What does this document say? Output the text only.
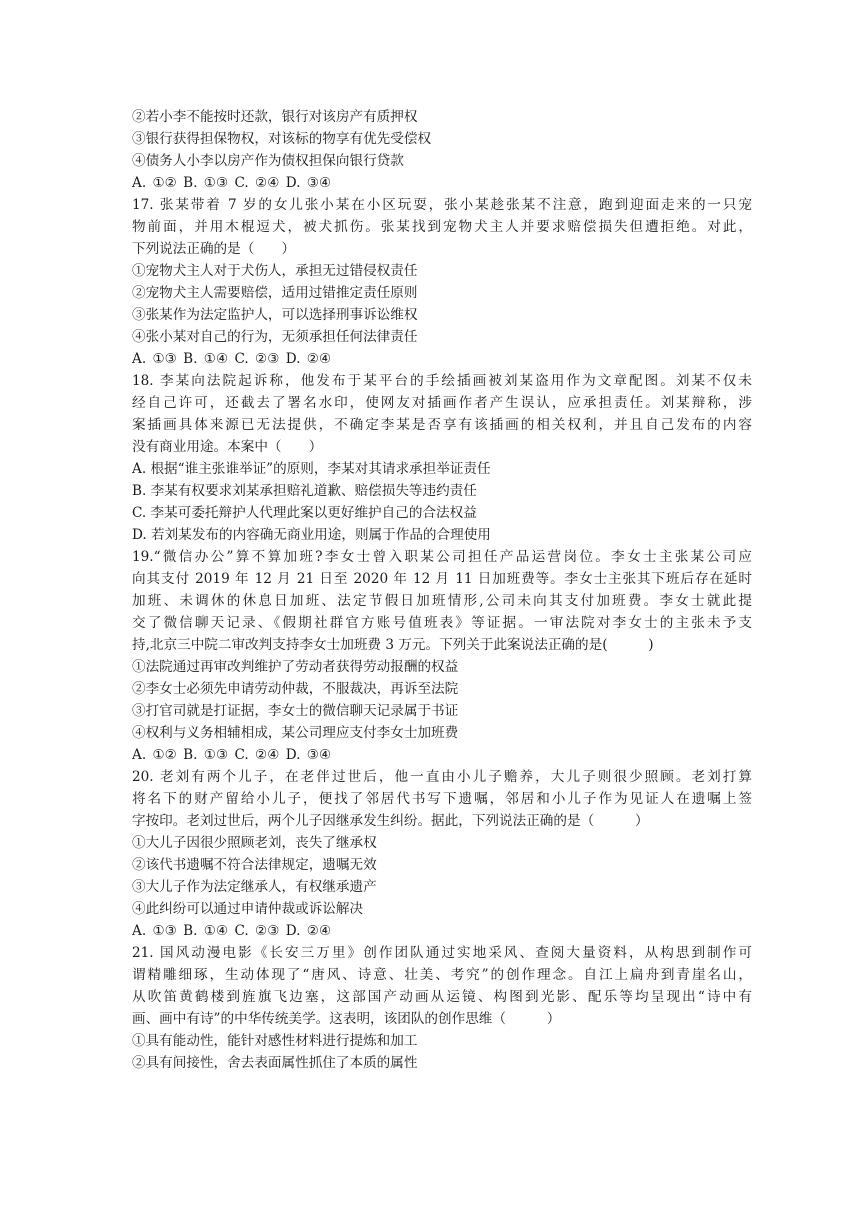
②若小李不能按时还款，银行对该房产有质押权
③银行获得担保物权，对该标的物享有优先受偿权
④债务人小李以房产作为债权担保向银行贷款
A. ①② B. ①③ C. ②④ D. ③④
17. 张某带着 7 岁的女儿张小某在小区玩耍，张小某趁张某不注意，跑到迎面走来的一只宠
物前面，并用木棍逗犬，被犬抓伤。张某找到宠物犬主人并要求赔偿损失但遭拒绝。对此，
下列说法正确的是（　　）
①宠物犬主人对于犬伤人，承担无过错侵权责任
②宠物犬主人需要赔偿，适用过错推定责任原则
③张某作为法定监护人，可以选择刑事诉讼维权
④张小某对自己的行为，无须承担任何法律责任
A. ①③ B. ①④ C. ②③ D. ②④
18. 李某向法院起诉称，他发布于某平台的手绘插画被刘某盗用作为文章配图。刘某不仅未
经自己许可，还截去了署名水印，使网友对插画作者产生误认，应承担责任。刘某辩称，涉
案插画具体来源已无法提供，不确定李某是否享有该插画的相关权利，并且自己发布的内容
没有商业用途。本案中（　　）
A. 根据“谁主张谁举证”的原则，李某对其请求承担举证责任
B. 李某有权要求刘某承担赔礼道歉、赔偿损失等违约责任
C. 李某可委托辩护人代理此案以更好维护自己的合法权益
D. 若刘某发布的内容确无商业用途，则属于作品的合理使用
19.“微信办公”算不算加班?李女士曾入职某公司担任产品运营岗位。李女士主张某公司应
向其支付 2019 年 12 月 21 日至 2020 年 12 月 11 日加班费等。李女士主张其下班后存在延时
加班、未调休的休息日加班、法定节假日加班情形,公司未向其支付加班费。李女士就此提
交了微信聊天记录、《假期社群官方账号值班表》等证据。一审法院对李女士的主张未予支
持,北京三中院二审改判支持李女士加班费 3 万元。下列关于此案说法正确的是(　　　)
①法院通过再审改判维护了劳动者获得劳动报酬的权益
②李女士必须先申请劳动仲裁，不服裁决，再诉至法院
③打官司就是打证据，李女士的微信聊天记录属于书证
④权利与义务相辅相成，某公司理应支付李女士加班费
A. ①② B. ①③ C. ②④ D. ③④
20. 老刘有两个儿子，在老伴过世后，他一直由小儿子赡养，大儿子则很少照顾。老刘打算
将名下的财产留给小儿子，便找了邻居代书写下遗嘱，邻居和小儿子作为见证人在遗嘱上签
字按印。老刘过世后，两个儿子因继承发生纠纷。据此，下列说法正确的是（　　　）
①大儿子因很少照顾老刘，丧失了继承权
②该代书遗嘱不符合法律规定，遗嘱无效
③大儿子作为法定继承人，有权继承遗产
④此纠纷可以通过申请仲裁或诉讼解决
A. ①③ B. ①④ C. ②③ D. ②④
21. 国风动漫电影《长安三万里》创作团队通过实地采风、查阅大量资料，从构思到制作可
谓精雕细琢，生动体现了“唐风、诗意、壮美、考究”的创作理念。自江上扁舟到青崖名山，
从吹笛黄鹤楼到旌旗飞边塞，这部国产动画从运镜、构图到光影、配乐等均呈现出“诗中有
画、画中有诗”的中华传统美学。这表明，该团队的创作思维（　　　）
①具有能动性，能针对感性材料进行提炼和加工
②具有间接性，舍去表面属性抓住了本质的属性
